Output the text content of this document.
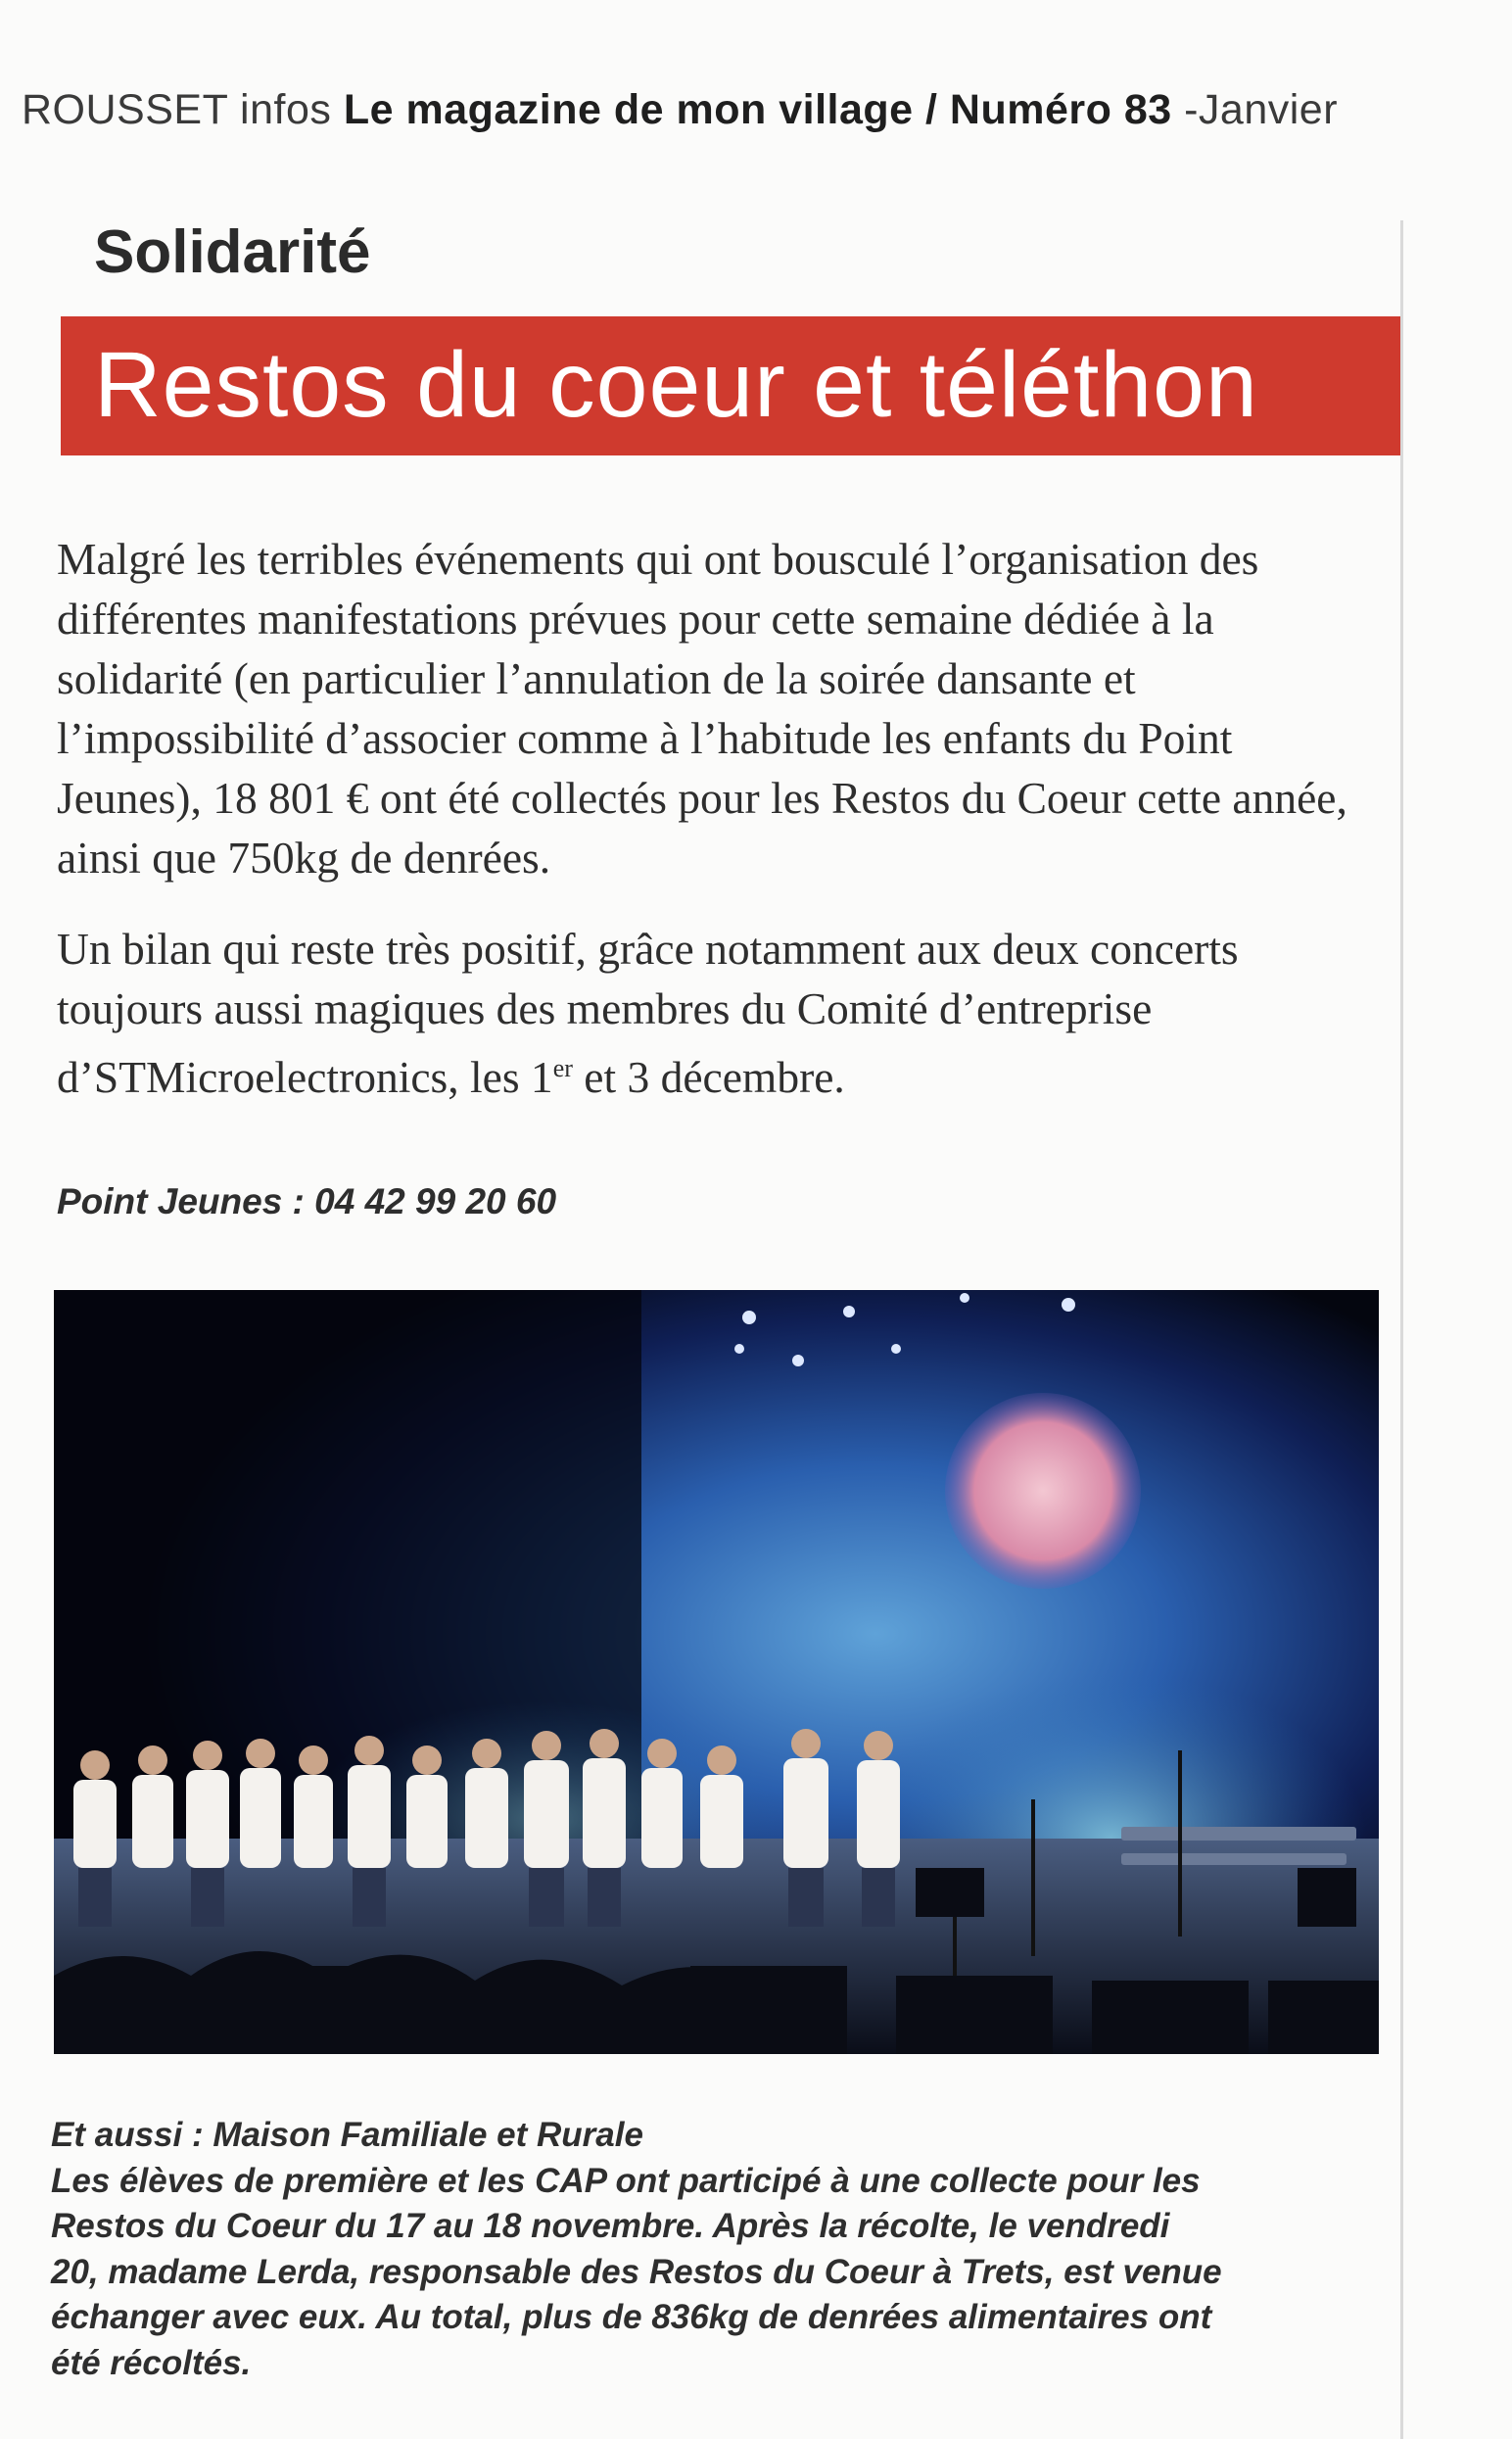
ROUSSET infos Le magazine de mon village / Numéro 83 -Janvier
Solidarité
Restos du coeur et téléthon

Malgré les terribles événements qui ont bousculé l’organisation des différentes manifestations prévues pour cette semaine dédiée à la solidarité (en particulier l’annulation de la soirée dansante et l’impossibilité d’associer comme à l’habitude les enfants du Point Jeunes), 18 801 € ont été collectés pour les Restos du Coeur cette année, ainsi que 750kg de denrées.

Un bilan qui reste très positif, grâce notamment aux deux concerts toujours aussi magiques des membres du Comité d’entreprise d’STMicroelectronics, les 1er et 3 décembre.

Point Jeunes : 04 42 99 20 60
Et aussi : Maison Familiale et Rurale
Les élèves de première et les CAP ont participé à une collecte pour les
Restos du Coeur du 17 au 18 novembre. Après la récolte, le vendredi
20, madame Lerda, responsable des Restos du Coeur à Trets, est venue
échanger avec eux. Au total, plus de 836kg de denrées alimentaires ont
été récoltés.
